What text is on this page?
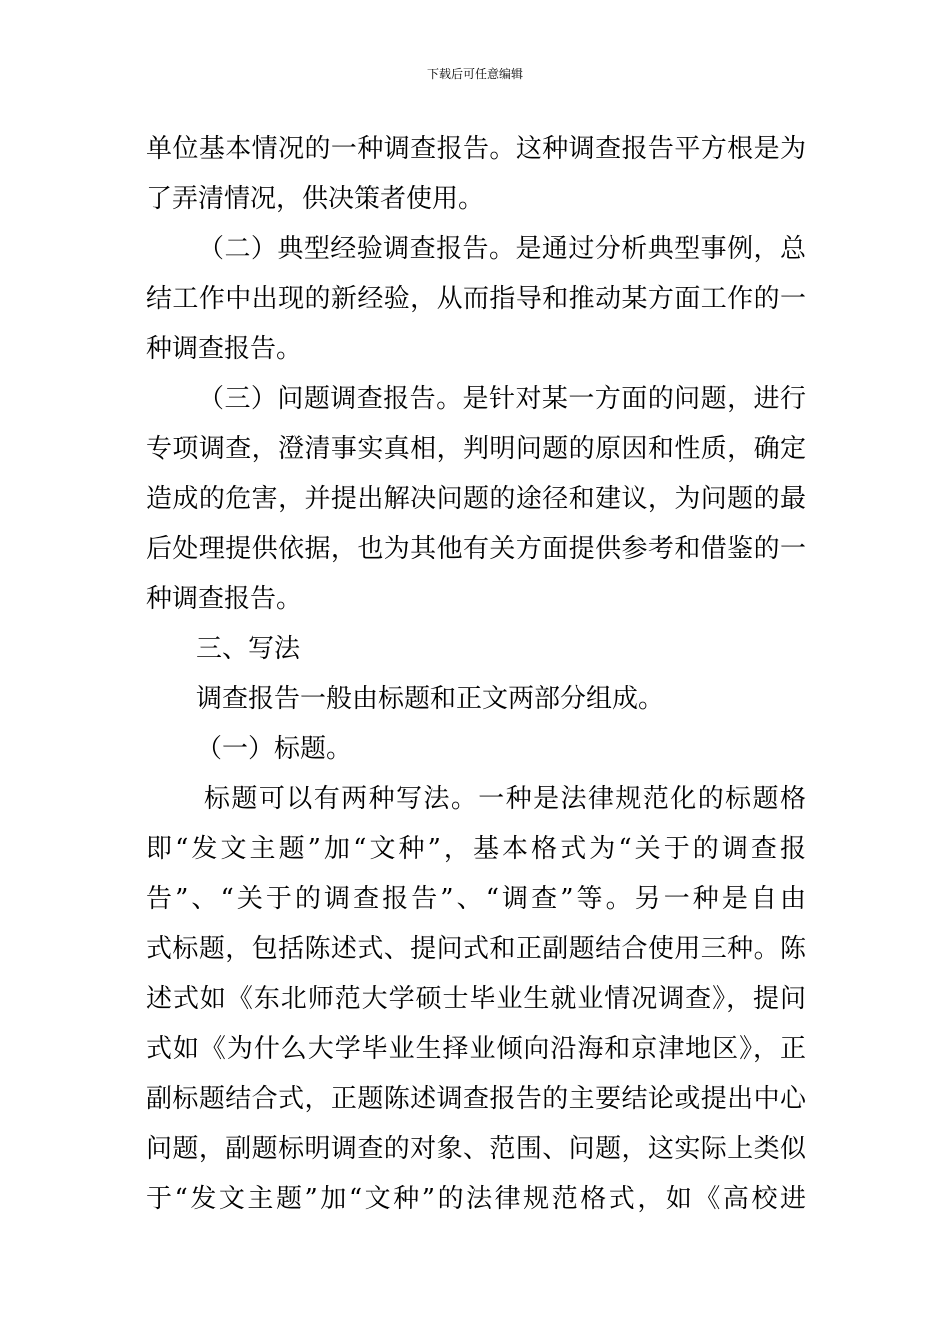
下载后可任意编辑
单位基本情况的一种调查报告。这种调查报告平方根是为
了弄清情况，供决策者使用。
（二）典型经验调查报告。是通过分析典型事例，总
结工作中出现的新经验，从而指导和推动某方面工作的一
种调查报告。
（三）问题调查报告。是针对某一方面的问题，进行
专项调查，澄清事实真相，判明问题的原因和性质，确定
造成的危害，并提出解决问题的途径和建议，为问题的最
后处理提供依据，也为其他有关方面提供参考和借鉴的一
种调查报告。
三、写法
调查报告一般由标题和正文两部分组成。
（一）标题。
标题可以有两种写法。一种是法律规范化的标题格
即“发文主题”加“文种”，基本格式为“关于的调查报
告”、“关于的调查报告”、“调查”等。另一种是自由
式标题，包括陈述式、提问式和正副题结合使用三种。陈
述式如《东北师范大学硕士毕业生就业情况调查》，提问
式如《为什么大学毕业生择业倾向沿海和京津地区》，正
副标题结合式，正题陈述调查报告的主要结论或提出中心
问题，副题标明调查的对象、范围、问题，这实际上类似
于“发文主题”加“文种”的法律规范格式，如《高校进
